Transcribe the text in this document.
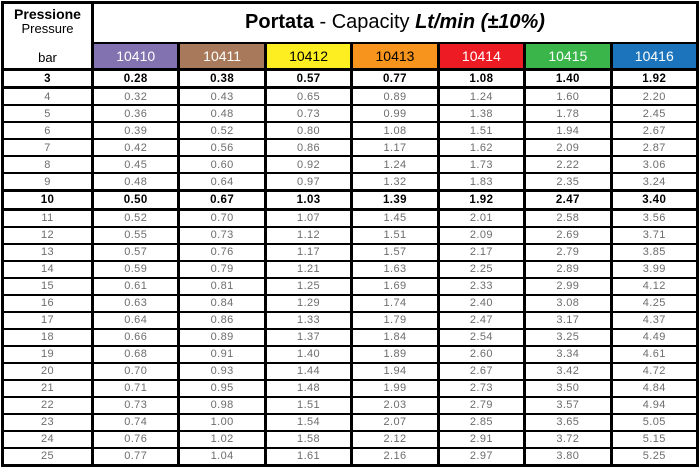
Pressione
Pressure
bar	Portata - Capacity Lt/min (±10%)						
	10410	10411	10412	10413	10414	10415	10416
3	0.28	0.38	0.57	0.77	1.08	1.40	1.92
4	0.32	0.43	0.65	0.89	1.24	1.60	2.20
5	0.36	0.48	0.73	0.99	1.38	1.78	2.45
6	0.39	0.52	0.80	1.08	1.51	1.94	2.67
7	0.42	0.56	0.86	1.17	1.62	2.09	2.87
8	0.45	0.60	0.92	1.24	1.73	2.22	3.06
9	0.48	0.64	0.97	1.32	1.83	2.35	3.24
10	0.50	0.67	1.03	1.39	1.92	2.47	3.40
11	0.52	0.70	1.07	1.45	2.01	2.58	3.56
12	0.55	0.73	1.12	1.51	2.09	2.69	3.71
13	0.57	0.76	1.17	1.57	2.17	2.79	3.85
14	0.59	0.79	1.21	1.63	2.25	2.89	3.99
15	0.61	0.81	1.25	1.69	2.33	2.99	4.12
16	0.63	0.84	1.29	1.74	2.40	3.08	4.25
17	0.64	0.86	1.33	1.79	2.47	3.17	4.37
18	0.66	0.89	1.37	1.84	2.54	3.25	4.49
19	0.68	0.91	1.40	1.89	2.60	3.34	4.61
20	0.70	0.93	1.44	1.94	2.67	3.42	4.72
21	0.71	0.95	1.48	1.99	2.73	3.50	4.84
22	0.73	0.98	1.51	2.03	2.79	3.57	4.94
23	0.74	1.00	1.54	2.07	2.85	3.65	5.05
24	0.76	1.02	1.58	2.12	2.91	3.72	5.15
25	0.77	1.04	1.61	2.16	2.97	3.80	5.25
